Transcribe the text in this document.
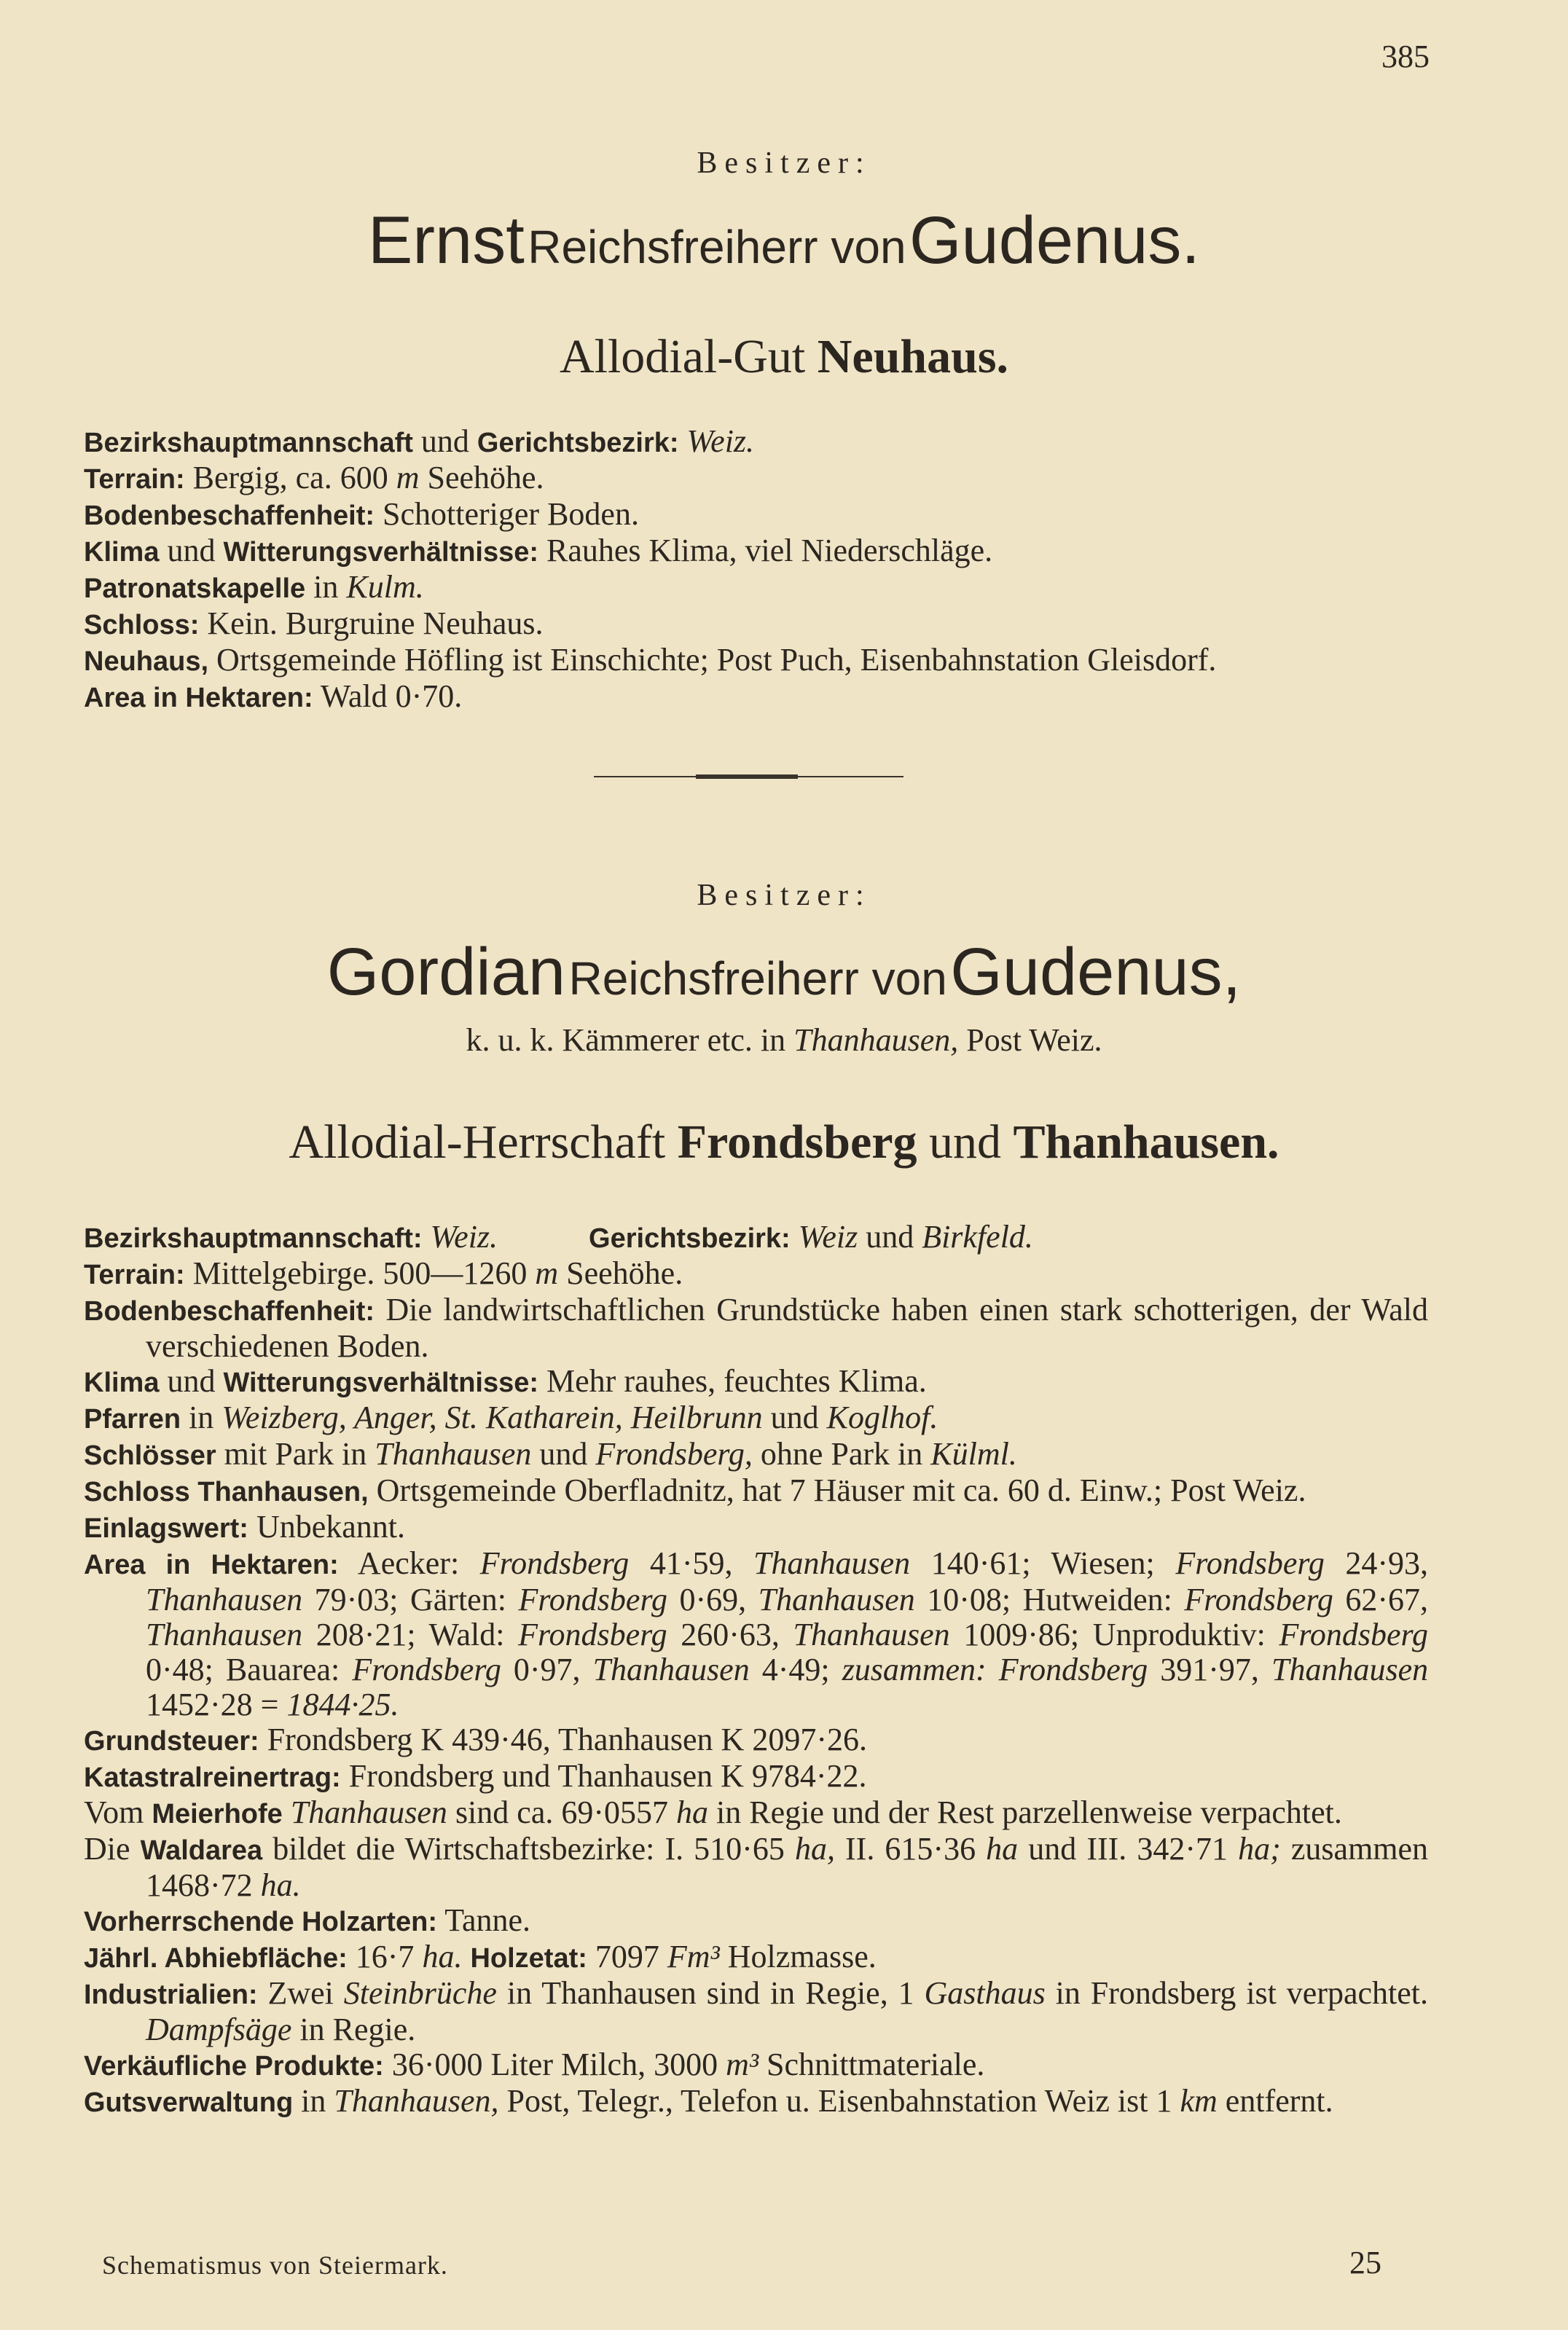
385
Besitzer:
Ernst Reichsfreiherr von Gudenus.
Allodial-Gut Neuhaus.
Bezirkshauptmannschaft und Gerichtsbezirk: Weiz.
Terrain: Bergig, ca. 600 m Seehöhe.
Bodenbeschaffenheit: Schotteriger Boden.
Klima und Witterungsverhältnisse: Rauhes Klima, viel Niederschläge.
Patronatskapelle in Kulm.
Schloss: Kein. Burgruine Neuhaus.
Neuhaus, Ortsgemeinde Höfling ist Einschichte; Post Puch, Eisenbahnstation Gleisdorf.
Area in Hektaren: Wald 0·70.
Besitzer:
Gordian Reichsfreiherr von Gudenus,
k. u. k. Kämmerer etc. in Thanhausen, Post Weiz.
Allodial-Herrschaft Frondsberg und Thanhausen.
Bezirkshauptmannschaft: Weiz.	Gerichtsbezirk: Weiz und Birkfeld.
Terrain: Mittelgebirge. 500—1260 m Seehöhe.
Bodenbeschaffenheit: Die landwirtschaftlichen Grundstücke haben einen stark schotterigen, der Wald verschiedenen Boden.
Klima und Witterungsverhältnisse: Mehr rauhes, feuchtes Klima.
Pfarren in Weizberg, Anger, St. Katharein, Heilbrunn und Koglhof.
Schlösser mit Park in Thanhausen und Frondsberg, ohne Park in Külml.
Schloss Thanhausen, Ortsgemeinde Oberfladnitz, hat 7 Häuser mit ca. 60 d. Einw.; Post Weiz.
Einlagswert: Unbekannt.
Area in Hektaren: Aecker: Frondsberg 41·59, Thanhausen 140·61; Wiesen; Frondsberg 24·93, Thanhausen 79·03; Gärten: Frondsberg 0·69, Thanhausen 10·08; Hutweiden: Frondsberg 62·67, Thanhausen 208·21; Wald: Frondsberg 260·63, Thanhausen 1009·86; Unproduktiv: Frondsberg 0·48; Bauarea: Frondsberg 0·97, Thanhausen 4·49; zusammen: Frondsberg 391·97, Thanhausen 1452·28 = 1844·25.
Grundsteuer: Frondsberg K 439·46, Thanhausen K 2097·26.
Katastralreinertrag: Frondsberg und Thanhausen K 9784·22.
Vom Meierhofe Thanhausen sind ca. 69·0557 ha in Regie und der Rest parzellenweise verpachtet.
Die Waldarea bildet die Wirtschaftsbezirke: I. 510·65 ha, II. 615·36 ha und III. 342·71 ha; zusammen 1468·72 ha.
Vorherrschende Holzarten: Tanne.
Jährl. Abhiebfläche: 16·7 ha. Holzetat: 7097 Fm³ Holzmasse.
Industrialien: Zwei Steinbrüche in Thanhausen sind in Regie, 1 Gasthaus in Frondsberg ist verpachtet. Dampfsäge in Regie.
Verkäufliche Produkte: 36·000 Liter Milch, 3000 m³ Schnittmateriale.
Gutsverwaltung in Thanhausen, Post, Telegr., Telefon u. Eisenbahnstation Weiz ist 1 km entfernt.
Schematismus von Steiermark.	25
